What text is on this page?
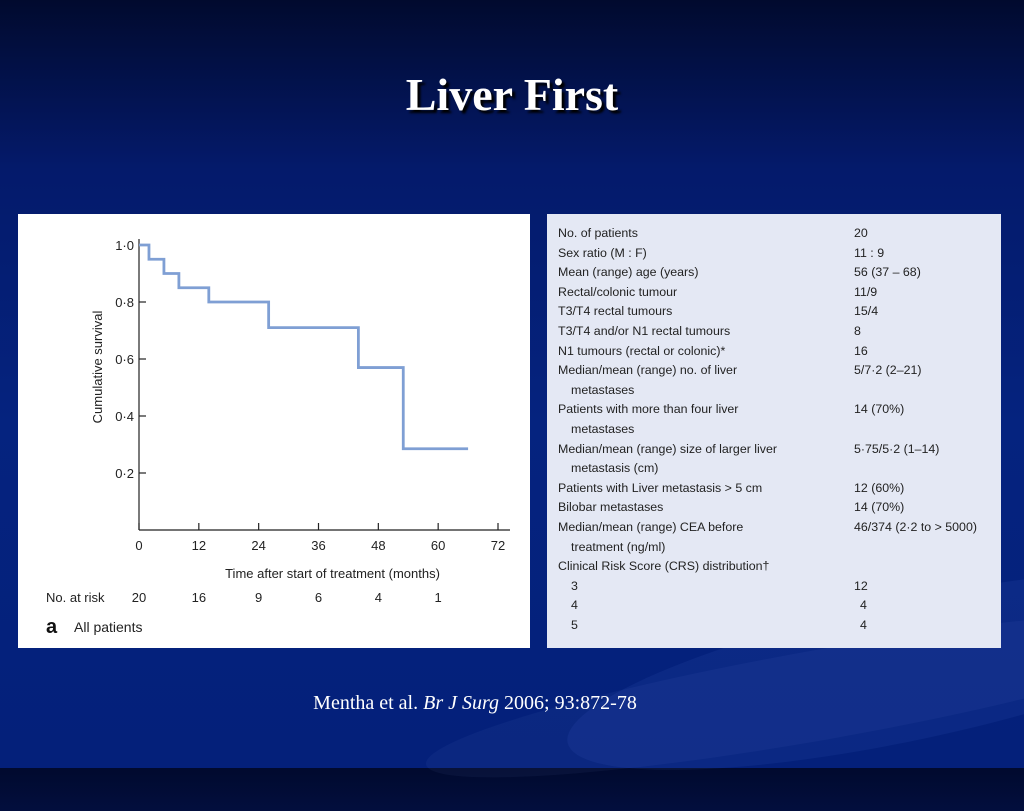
Liver First
0·2
0·4
0·6
0·8
1·0
0	12	24	36	48	60	72
Time after start of treatment (months)
Cumulative survival
No. at risk 20	16	9	6	4	1
a All patients
No. of patients	20
Sex ratio (M : F)	11 : 9
Mean (range) age (years)	56 (37 – 68)
Rectal/colonic tumour	11/9
T3/T4 rectal tumours	15/4
T3/T4 and/or N1 rectal tumours	8
N1 tumours (rectal or colonic)*	16
Median/mean (range) no. of liver	5/7·2 (2–21)
metastases
Patients with more than four liver	14 (70%)
metastases
Median/mean (range) size of larger liver	5·75/5·2 (1–14)
metastasis (cm)
Patients with Liver metastasis > 5 cm	12 (60%)
Bilobar metastases	14 (70%)
Median/mean (range) CEA before	46/374 (2·2 to > 5000)
treatment (ng/ml)
Clinical Risk Score (CRS) distribution†
3	12
4	4
5	4
Mentha et al. Br J Surg 2006; 93:872-78
